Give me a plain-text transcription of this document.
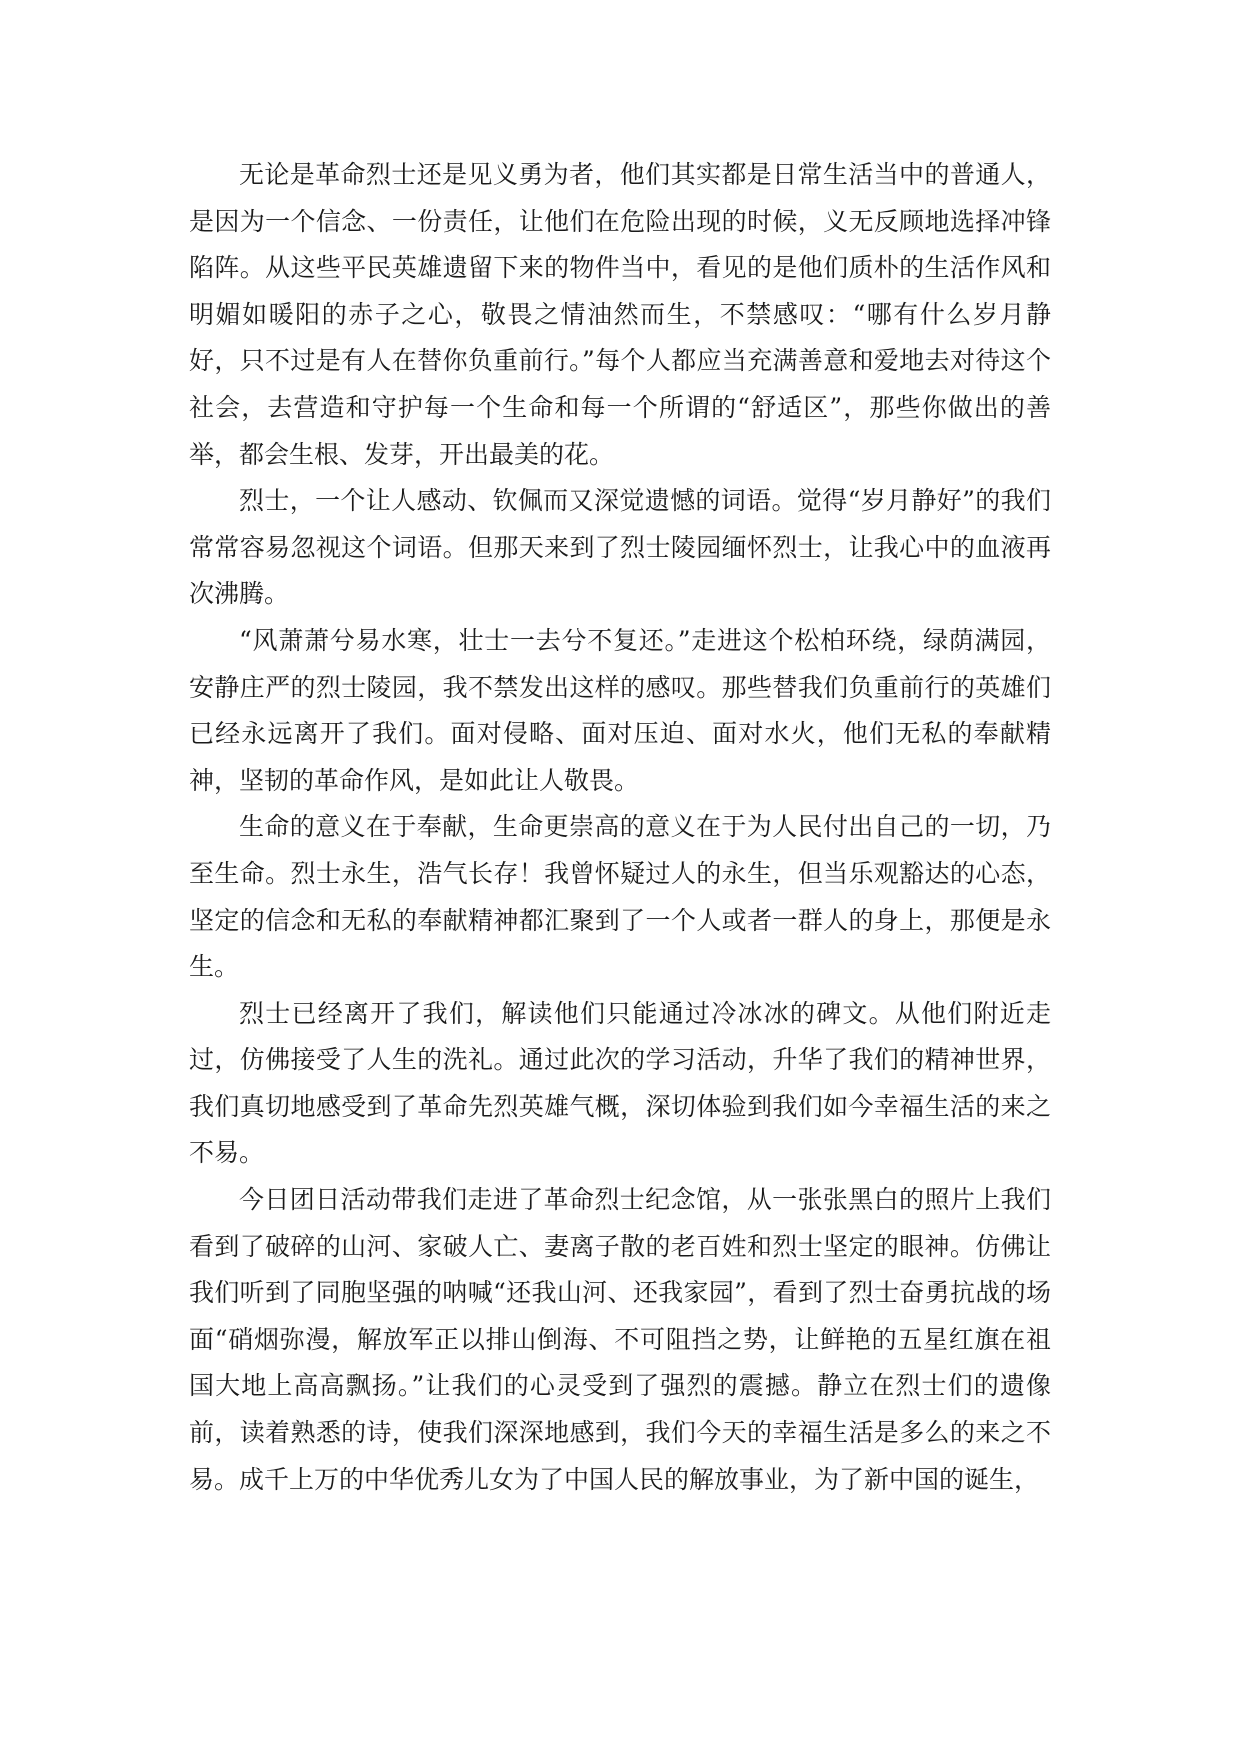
无论是革命烈士还是见义勇为者，他们其实都是日常生活当中的普通人，是因为一个信念、一份责任，让他们在危险出现的时候，义无反顾地选择冲锋陷阵。从这些平民英雄遗留下来的物件当中，看见的是他们质朴的生活作风和明媚如暖阳的赤子之心，敬畏之情油然而生，不禁感叹：“哪有什么岁月静好，只不过是有人在替你负重前行。”每个人都应当充满善意和爱地去对待这个社会，去营造和守护每一个生命和每一个所谓的“舒适区”，那些你做出的善举，都会生根、发芽，开出最美的花。

烈士，一个让人感动、钦佩而又深觉遗憾的词语。觉得“岁月静好”的我们常常容易忽视这个词语。但那天来到了烈士陵园缅怀烈士，让我心中的血液再次沸腾。

“风萧萧兮易水寒，壮士一去兮不复还。”走进这个松柏环绕，绿荫满园，安静庄严的烈士陵园，我不禁发出这样的感叹。那些替我们负重前行的英雄们已经永远离开了我们。面对侵略、面对压迫、面对水火，他们无私的奉献精神，坚韧的革命作风，是如此让人敬畏。

生命的意义在于奉献，生命更崇高的意义在于为人民付出自己的一切，乃至生命。烈士永生，浩气长存！我曾怀疑过人的永生，但当乐观豁达的心态，坚定的信念和无私的奉献精神都汇聚到了一个人或者一群人的身上，那便是永生。

烈士已经离开了我们，解读他们只能通过冷冰冰的碑文。从他们附近走过，仿佛接受了人生的洗礼。通过此次的学习活动，升华了我们的精神世界，我们真切地感受到了革命先烈英雄气概，深切体验到我们如今幸福生活的来之不易。

今日团日活动带我们走进了革命烈士纪念馆，从一张张黑白的照片上我们看到了破碎的山河、家破人亡、妻离子散的老百姓和烈士坚定的眼神。仿佛让我们听到了同胞坚强的呐喊“还我山河、还我家园”，看到了烈士奋勇抗战的场面“硝烟弥漫，解放军正以排山倒海、不可阻挡之势，让鲜艳的五星红旗在祖国大地上高高飘扬。”让我们的心灵受到了强烈的震撼。静立在烈士们的遗像前，读着熟悉的诗，使我们深深地感到，我们今天的幸福生活是多么的来之不易。成千上万的中华优秀儿女为了中国人民的解放事业，为了新中国的诞生，
